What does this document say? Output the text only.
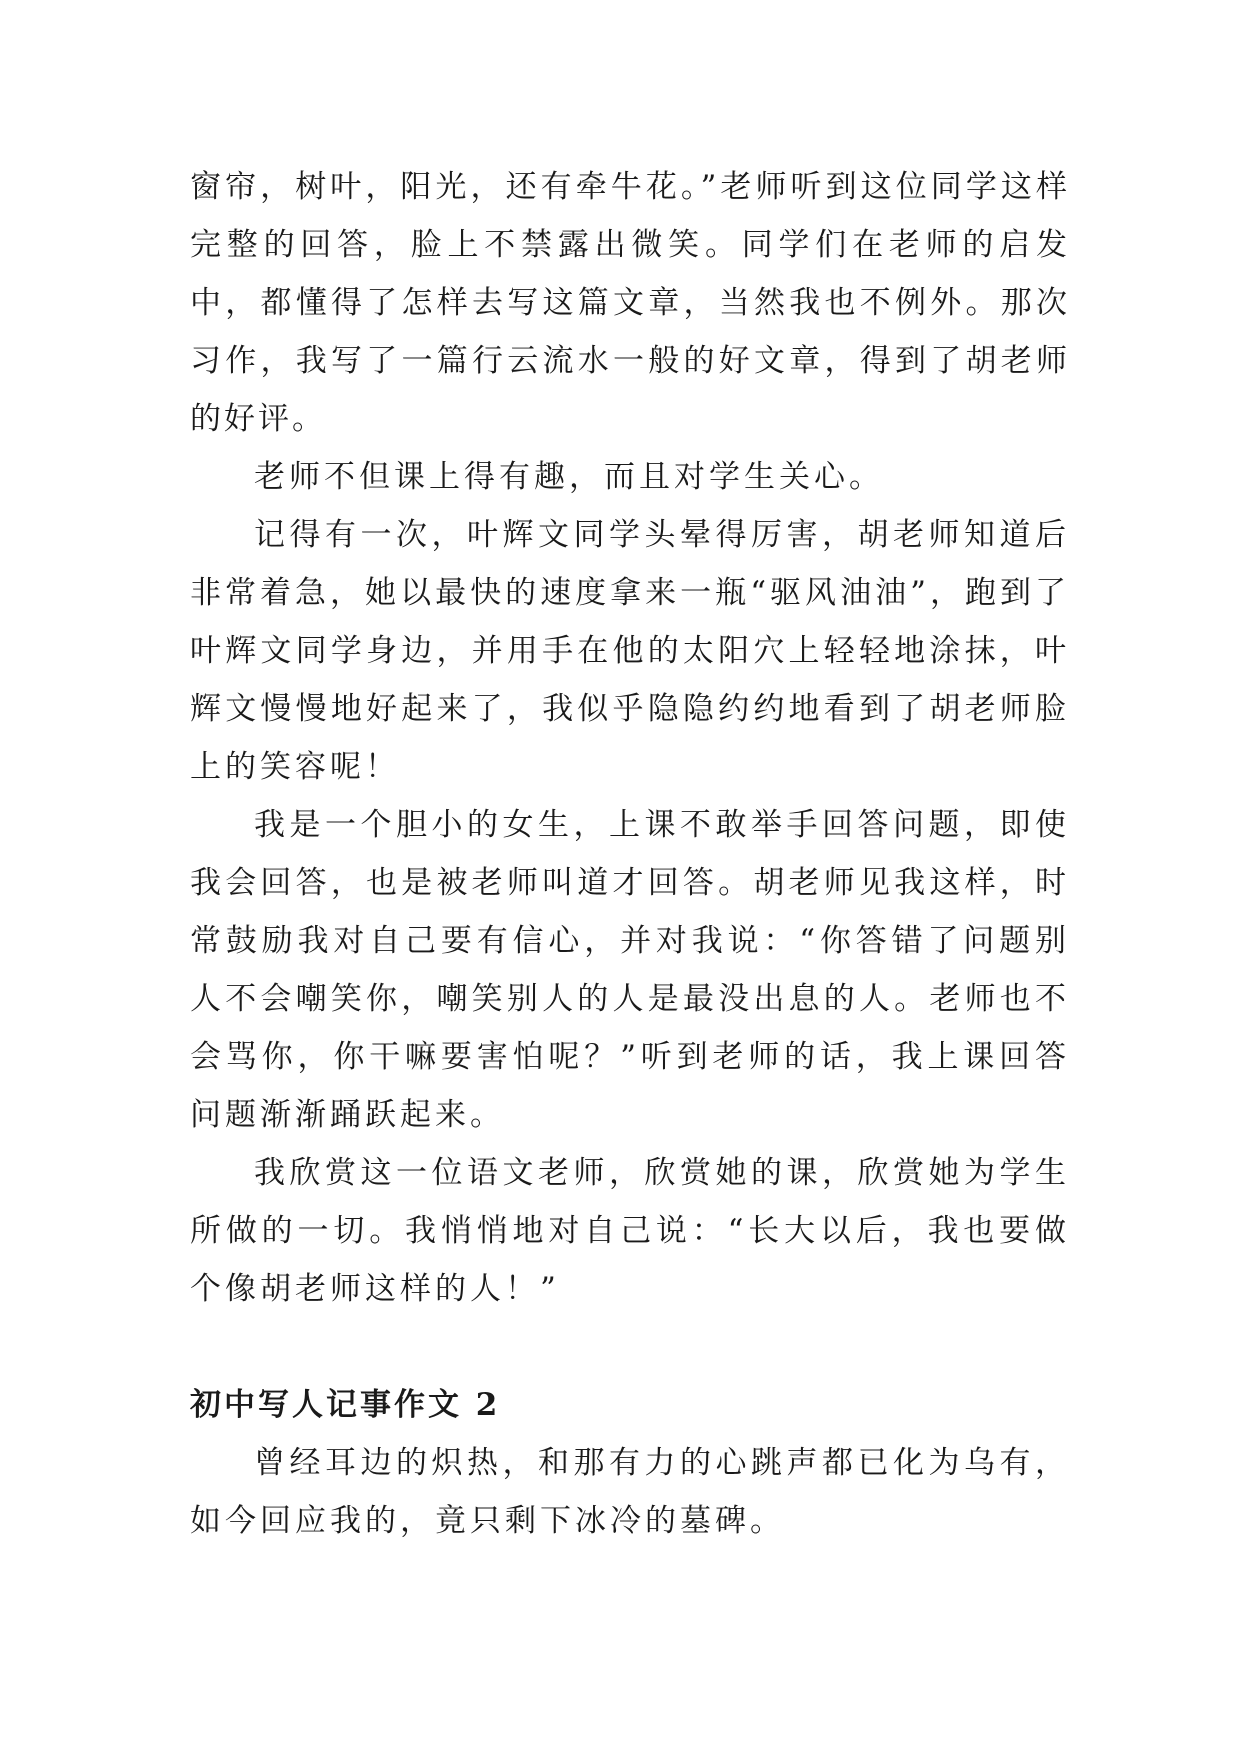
窗帘，树叶，阳光，还有牵牛花。”老师听到这位同学这样完整的回答，脸上不禁露出微笑。同学们在老师的启发中，都懂得了怎样去写这篇文章，当然我也不例外。那次习作，我写了一篇行云流水一般的好文章，得到了胡老师的好评。

老师不但课上得有趣，而且对学生关心。

记得有一次，叶辉文同学头晕得厉害，胡老师知道后非常着急，她以最快的速度拿来一瓶“驱风油油”，跑到了叶辉文同学身边，并用手在他的太阳穴上轻轻地涂抹，叶辉文慢慢地好起来了，我似乎隐隐约约地看到了胡老师脸上的笑容呢！

我是一个胆小的女生，上课不敢举手回答问题，即使我会回答，也是被老师叫道才回答。胡老师见我这样，时常鼓励我对自己要有信心，并对我说：“你答错了问题别人不会嘲笑你，嘲笑别人的人是最没出息的人。老师也不会骂你，你干嘛要害怕呢？”听到老师的话，我上课回答问题渐渐踊跃起来。

我欣赏这一位语文老师，欣赏她的课，欣赏她为学生所做的一切。我悄悄地对自己说：“长大以后，我也要做个像胡老师这样的人！”

初中写人记事作文 2

曾经耳边的炽热，和那有力的心跳声都已化为乌有，如今回应我的，竟只剩下冰冷的墓碑。
